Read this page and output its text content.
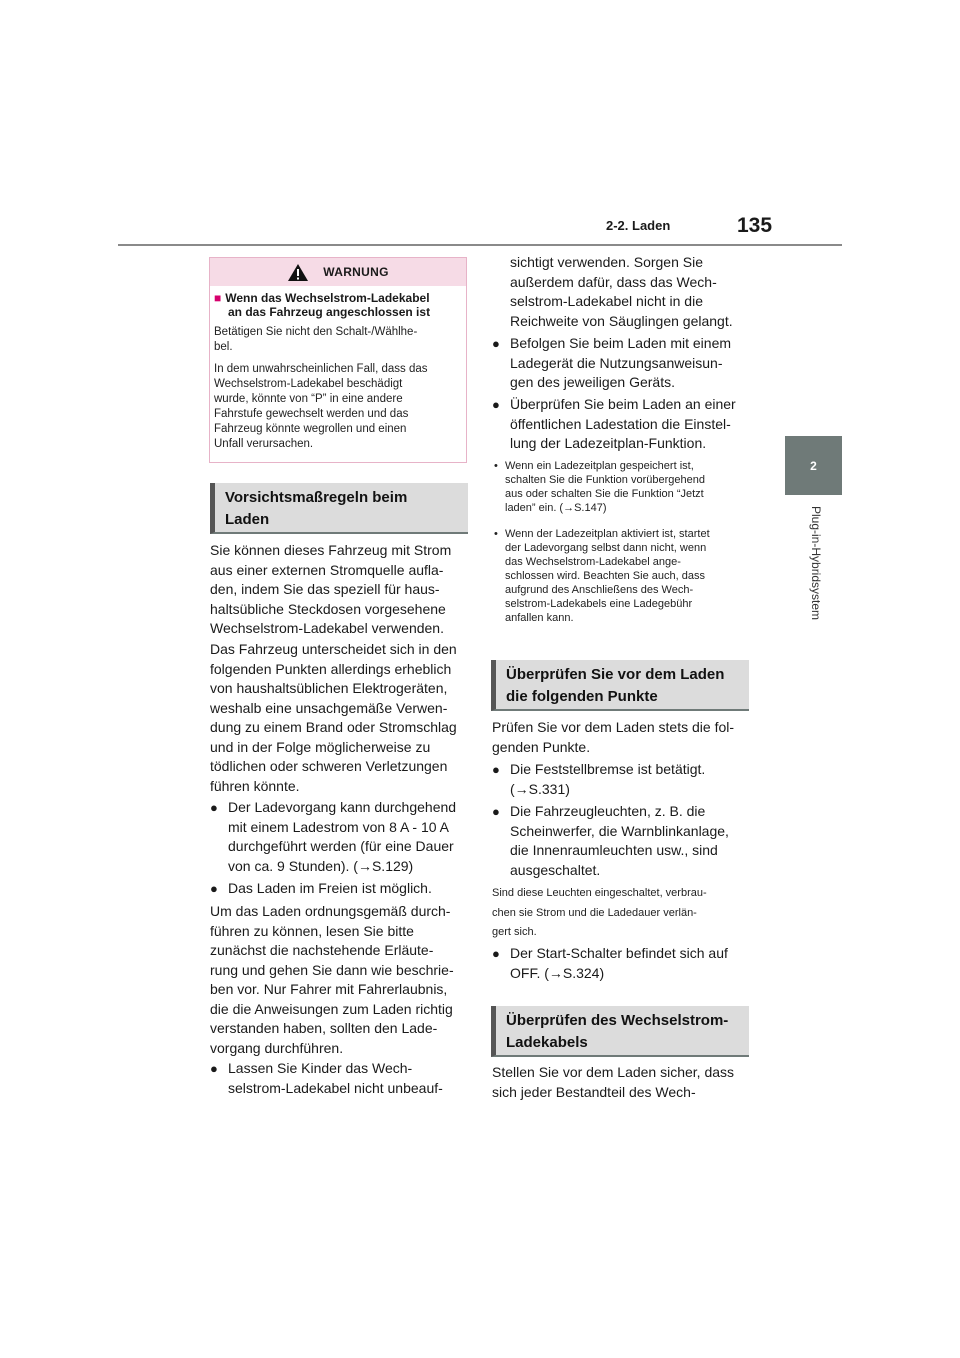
2-2. Laden	135
2
Plug-in-Hybridsystem
WARNUNG
■ Wenn das Wechselstrom-Ladekabel
an das Fahrzeug angeschlossen ist
Betätigen Sie nicht den Schalt-/Wählhe-
bel.
In dem unwahrscheinlichen Fall, dass das
Wechselstrom-Ladekabel beschädigt
wurde, könnte von “P” in eine andere
Fahrstufe gewechselt werden und das
Fahrzeug könnte wegrollen und einen
Unfall verursachen.
Vorsichtsmaßregeln beim
Laden
Sie können dieses Fahrzeug mit Strom
aus einer externen Stromquelle aufla-
den, indem Sie das speziell für haus-
haltsübliche Steckdosen vorgesehene
Wechselstrom-Ladekabel verwenden.
Das Fahrzeug unterscheidet sich in den
folgenden Punkten allerdings erheblich
von haushaltsüblichen Elektrogeräten,
weshalb eine unsachgemäße Verwen-
dung zu einem Brand oder Stromschlag
und in der Folge möglicherweise zu
tödlichen oder schweren Verletzungen
führen könnte.
● Der Ladevorgang kann durchgehend
mit einem Ladestrom von 8 A - 10 A
durchgeführt werden (für eine Dauer
von ca. 9 Stunden). (→S.129)
● Das Laden im Freien ist möglich.
Um das Laden ordnungsgemäß durch-
führen zu können, lesen Sie bitte
zunächst die nachstehende Erläute-
rung und gehen Sie dann wie beschrie-
ben vor. Nur Fahrer mit Fahrerlaubnis,
die die Anweisungen zum Laden richtig
verstanden haben, sollten den Lade-
vorgang durchführen.
● Lassen Sie Kinder das Wech-
selstrom-Ladekabel nicht unbeauf-
sichtigt verwenden. Sorgen Sie
außerdem dafür, dass das Wech-
selstrom-Ladekabel nicht in die
Reichweite von Säuglingen gelangt.
● Befolgen Sie beim Laden mit einem
Ladegerät die Nutzungsanweisun-
gen des jeweiligen Geräts.
● Überprüfen Sie beim Laden an einer
öffentlichen Ladestation die Einstel-
lung der Ladezeitplan-Funktion.
• Wenn ein Ladezeitplan gespeichert ist,
schalten Sie die Funktion vorübergehend
aus oder schalten Sie die Funktion “Jetzt
laden” ein. (→S.147)
• Wenn der Ladezeitplan aktiviert ist, startet
der Ladevorgang selbst dann nicht, wenn
das Wechselstrom-Ladekabel ange-
schlossen wird. Beachten Sie auch, dass
aufgrund des Anschließens des Wech-
selstrom-Ladekabels eine Ladegebühr
anfallen kann.
Überprüfen Sie vor dem Laden
die folgenden Punkte
Prüfen Sie vor dem Laden stets die fol-
genden Punkte.
● Die Feststellbremse ist betätigt.
(→S.331)
● Die Fahrzeugleuchten, z. B. die
Scheinwerfer, die Warnblinkanlage,
die Innenraumleuchten usw., sind
ausgeschaltet.
Sind diese Leuchten eingeschaltet, verbrau-
chen sie Strom und die Ladedauer verlän-
gert sich.
● Der Start-Schalter befindet sich auf
OFF. (→S.324)
Überprüfen des Wechselstrom-
Ladekabels
Stellen Sie vor dem Laden sicher, dass
sich jeder Bestandteil des Wech-
